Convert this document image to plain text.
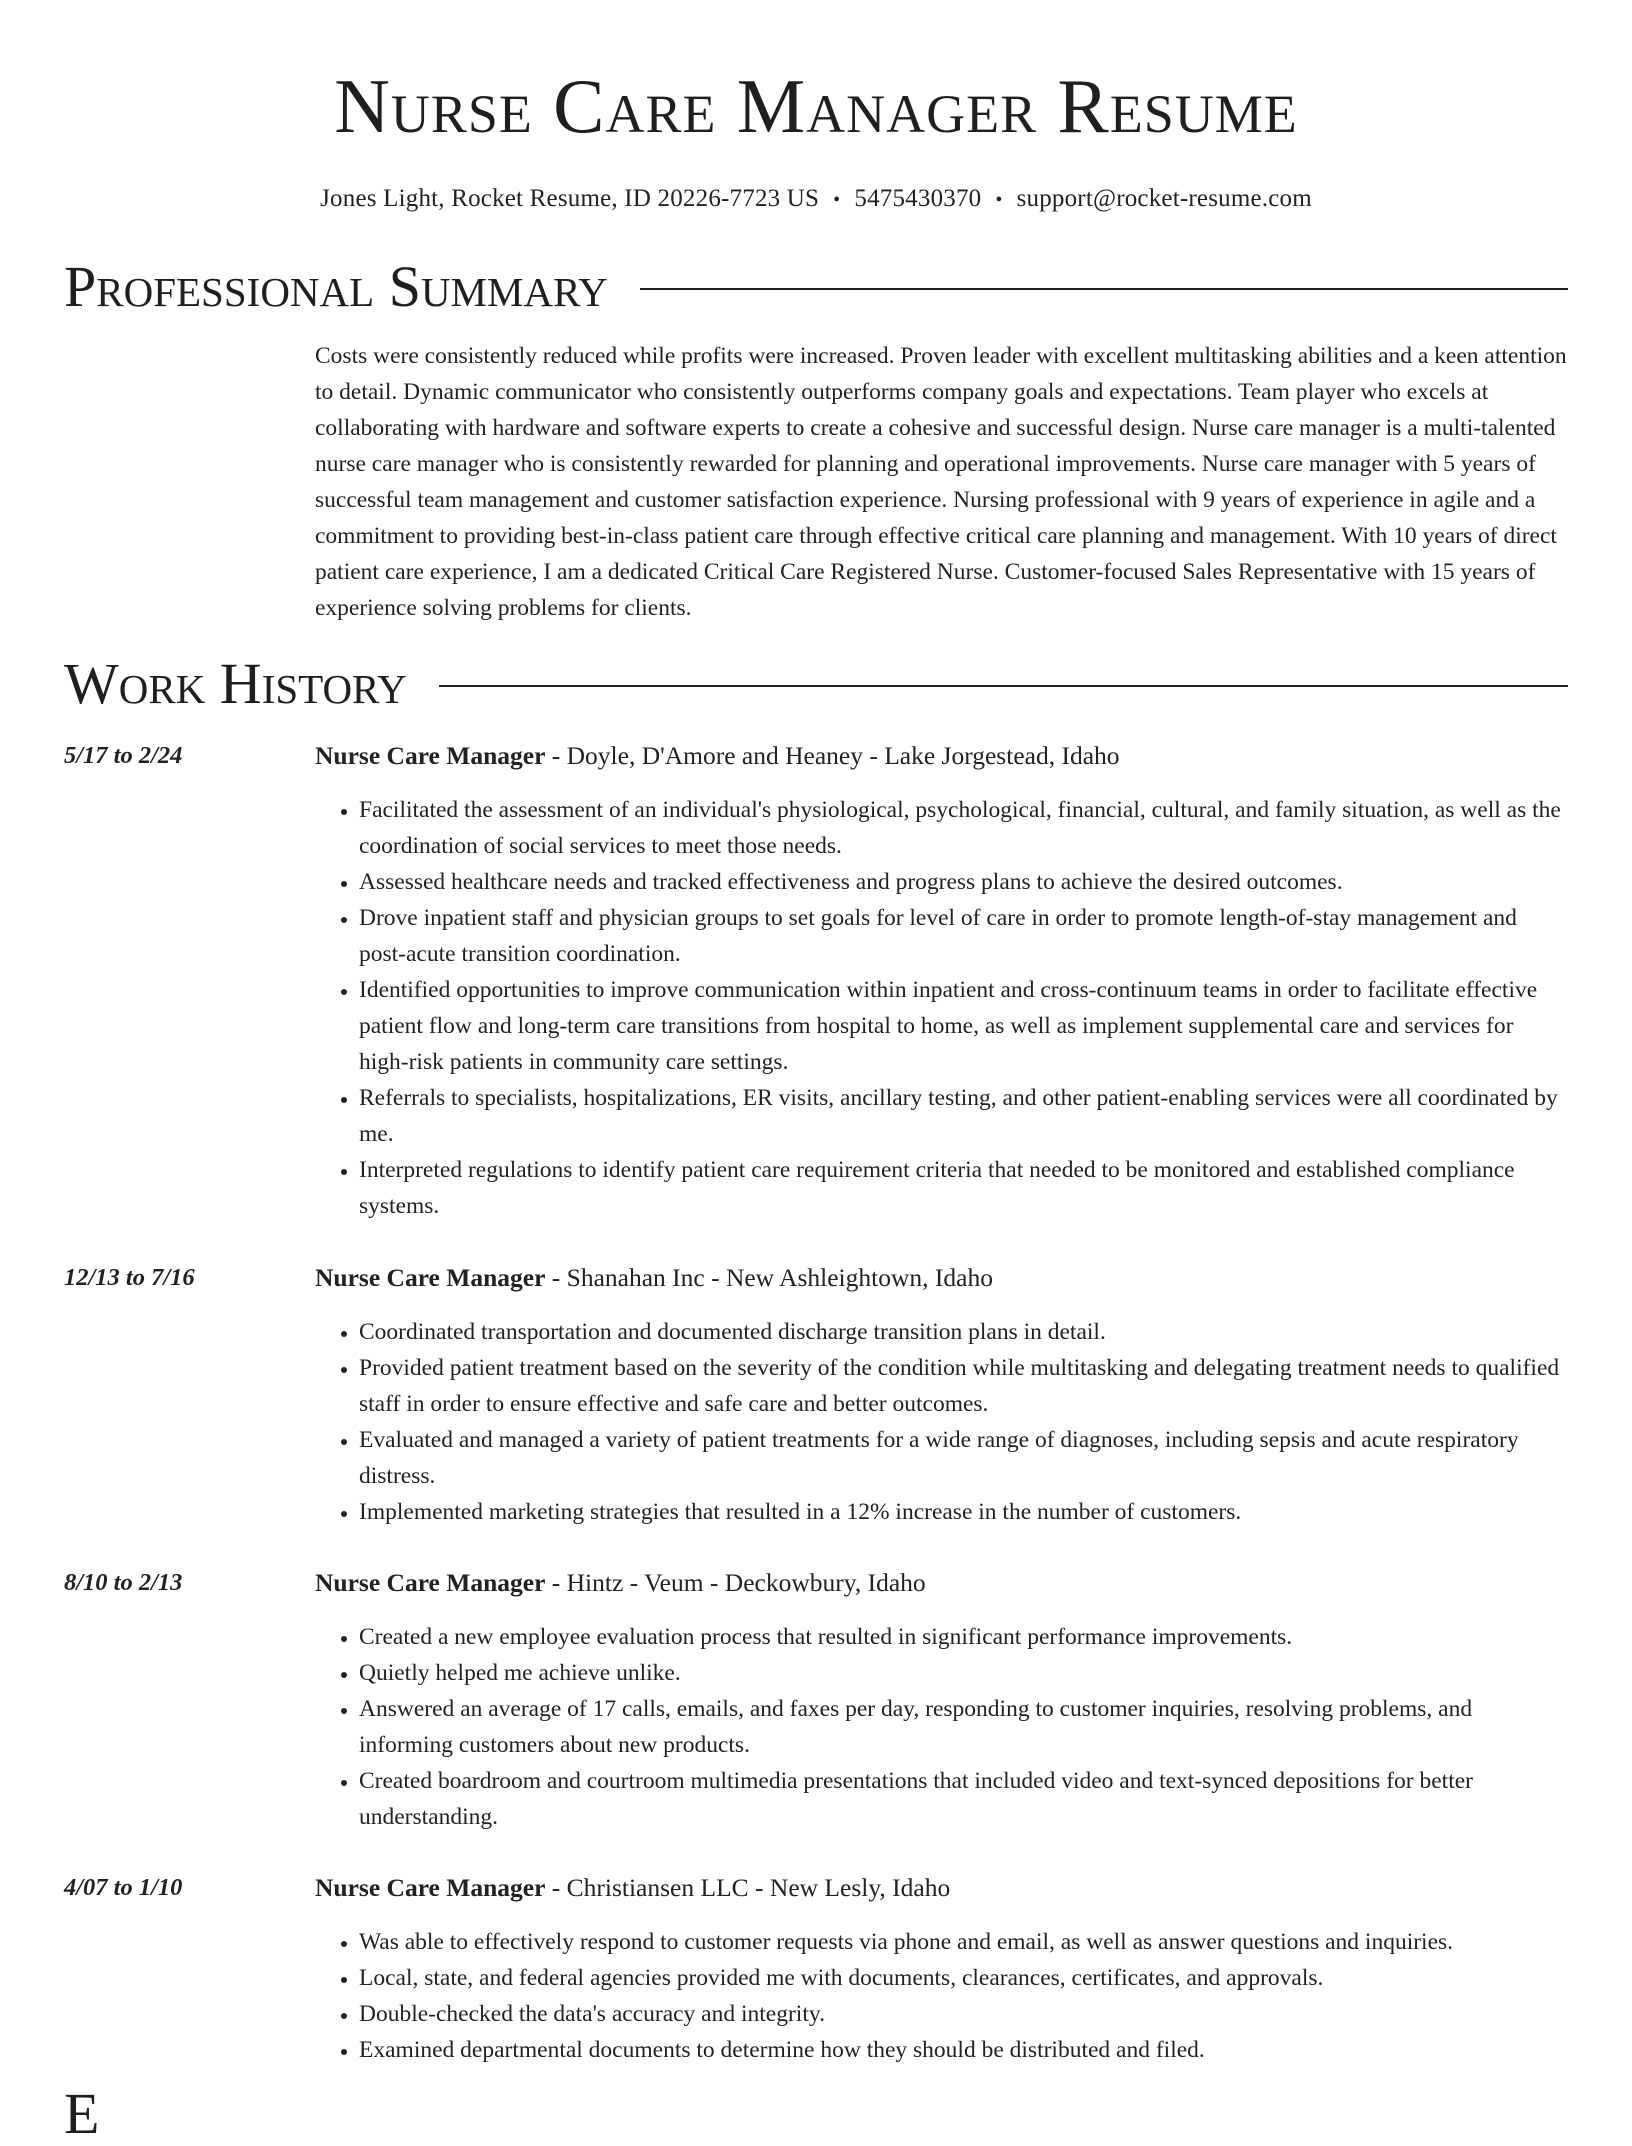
Nurse Care Manager Resume
Jones Light, Rocket Resume, ID 20226-7723 US • 5475430370 • support@rocket-resume.com
Professional Summary

Costs were consistently reduced while profits were increased. Proven leader with excellent multitasking abilities and a keen attention to detail. Dynamic communicator who consistently outperforms company goals and expectations. Team player who excels at collaborating with hardware and software experts to create a cohesive and successful design. Nurse care manager is a multi-talented nurse care manager who is consistently rewarded for planning and operational improvements. Nurse care manager with 5 years of successful team management and customer satisfaction experience. Nursing professional with 9 years of experience in agile and a commitment to providing best-in-class patient care through effective critical care planning and management. With 10 years of direct patient care experience, I am a dedicated Critical Care Registered Nurse. Customer-focused Sales Representative with 15 years of experience solving problems for clients.

Work History
5/17 to 2/24	Nurse Care Manager - Doyle, D'Amore and Heaney - Lake Jorgestead, Idaho
• Facilitated the assessment of an individual's physiological, psychological, financial, cultural, and family situation, as well as the coordination of social services to meet those needs.
• Assessed healthcare needs and tracked effectiveness and progress plans to achieve the desired outcomes.
• Drove inpatient staff and physician groups to set goals for level of care in order to promote length-of-stay management and post-acute transition coordination.
• Identified opportunities to improve communication within inpatient and cross-continuum teams in order to facilitate effective patient flow and long-term care transitions from hospital to home, as well as implement supplemental care and services for high-risk patients in community care settings.
• Referrals to specialists, hospitalizations, ER visits, ancillary testing, and other patient-enabling services were all coordinated by me.
• Interpreted regulations to identify patient care requirement criteria that needed to be monitored and established compliance systems.
12/13 to 7/16	Nurse Care Manager - Shanahan Inc - New Ashleightown, Idaho
• Coordinated transportation and documented discharge transition plans in detail.
• Provided patient treatment based on the severity of the condition while multitasking and delegating treatment needs to qualified staff in order to ensure effective and safe care and better outcomes.
• Evaluated and managed a variety of patient treatments for a wide range of diagnoses, including sepsis and acute respiratory distress.
• Implemented marketing strategies that resulted in a 12% increase in the number of customers.
8/10 to 2/13	Nurse Care Manager - Hintz - Veum - Deckowbury, Idaho
• Created a new employee evaluation process that resulted in significant performance improvements.
• Quietly helped me achieve unlike.
• Answered an average of 17 calls, emails, and faxes per day, responding to customer inquiries, resolving problems, and informing customers about new products.
• Created boardroom and courtroom multimedia presentations that included video and text-synced depositions for better understanding.
4/07 to 1/10	Nurse Care Manager - Christiansen LLC - New Lesly, Idaho
• Was able to effectively respond to customer requests via phone and email, as well as answer questions and inquiries.
• Local, state, and federal agencies provided me with documents, clearances, certificates, and approvals.
• Double-checked the data's accuracy and integrity.
• Examined departmental documents to determine how they should be distributed and filed.
E
